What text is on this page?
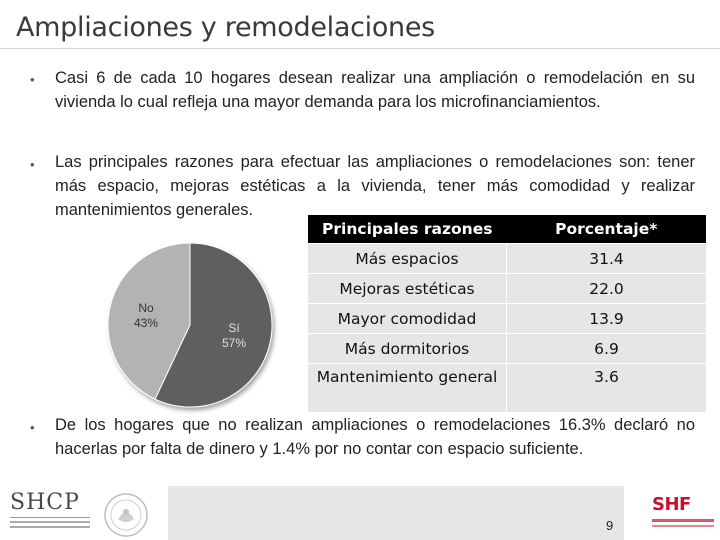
Ampliaciones y remodelaciones
• Casi 6 de cada 10 hogares desean realizar una ampliación o remodelación en su vivienda lo cual refleja una mayor demanda para los microfinanciamientos.
• Las principales razones para efectuar las ampliaciones o remodelaciones son: tener más espacio, mejoras estéticas a la vivienda, tener más comodidad y realizar mantenimientos generales.
No
43%	Sí
57%
Principales razones	Porcentaje*
Más espacios	31.4
Mejoras estéticas	22.0
Mayor comodidad	13.9
Más dormitorios	6.9
Mantenimiento general	3.6
• De los hogares que no realizan ampliaciones o remodelaciones 16.3% declaró no hacerlas por falta de dinero y 1.4% por no contar con espacio suficiente.
9
SHCP	SHF
